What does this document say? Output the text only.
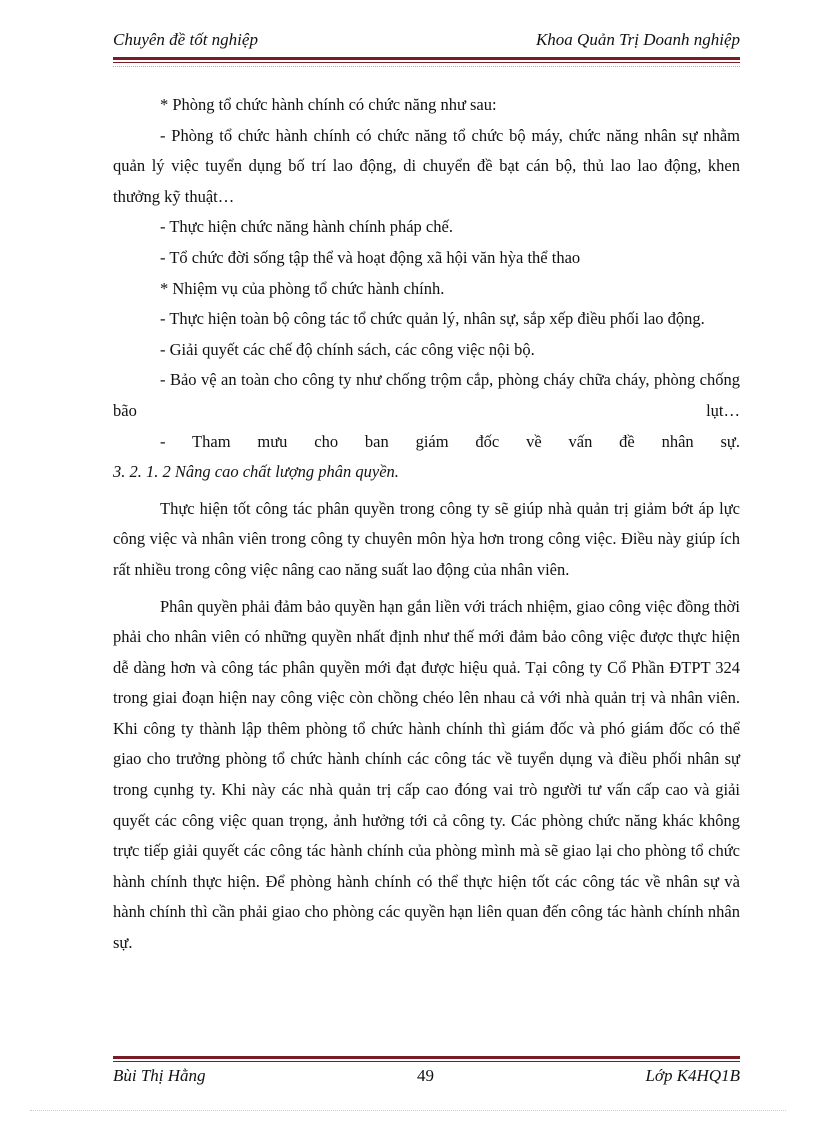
Chuyên đề tốt nghiệp	Khoa Quản Trị Doanh nghiệp

* Phòng tổ chức hành chính có chức năng như sau:

- Phòng tổ chức hành chính có chức năng tổ chức bộ máy, chức năng nhân sự nhằm quản lý việc tuyển dụng bố trí lao động, di chuyển đề bạt cán bộ, thủ lao lao động, khen thưởng kỹ thuật…

- Thực hiện chức năng hành chính pháp chế.

- Tổ chức đời sống tập thể và hoạt động xã hội văn hỳa thể thao

* Nhiệm vụ của phòng tổ chức hành chính.

- Thực hiện toàn bộ công tác tổ chức quản lý, nhân sự, sắp xếp điều phối lao động.

- Giải quyết các chế độ chính sách, các công việc nội bộ.

- Bảo vệ an toàn cho công ty như chống trộm cắp, phòng cháy chữa cháy, phòng chống bão lụt…

- Tham mưu cho ban giám đốc về vấn đề nhân sự.

3. 2. 1. 2 Nâng cao chất lượng phân quyền.

Thực hiện tốt công tác phân quyền trong công ty sẽ giúp nhà quản trị giảm bớt áp lực công việc và nhân viên trong công ty chuyên môn hỳa hơn trong công việc. Điều này giúp ích rất nhiều trong công việc nâng cao năng suất lao động của nhân viên.

Phân quyền phải đảm bảo quyền hạn gắn liền với trách nhiệm, giao công việc đồng thời phải cho nhân viên có những quyền nhất định như thế mới đảm bảo công việc được thực hiện dễ dàng hơn và công tác phân quyền mới đạt được hiệu quả. Tại công ty Cổ Phần ĐTPT 324 trong giai đoạn hiện nay công việc còn chồng chéo lên nhau cả với nhà quản trị và nhân viên. Khi công ty thành lập thêm phòng tổ chức hành chính thì giám đốc và phó giám đốc có thể giao cho trưởng phòng tổ chức hành chính các công tác về tuyển dụng và điều phối nhân sự trong cụnhg ty. Khi này các nhà quản trị cấp cao đóng vai trò người tư vấn cấp cao và giải quyết các công việc quan trọng, ảnh hưởng tới cả công ty. Các phòng chức năng khác không trực tiếp giải quyết các công tác hành chính của phòng mình mà sẽ giao lại cho phòng tổ chức hành chính thực hiện. Để phòng hành chính có thể thực hiện tốt các công tác về nhân sự và hành chính thì cần phải giao cho phòng các quyền hạn liên quan đến công tác hành chính nhân sự.

Bùi Thị Hằng	49	Lớp K4HQ1B
